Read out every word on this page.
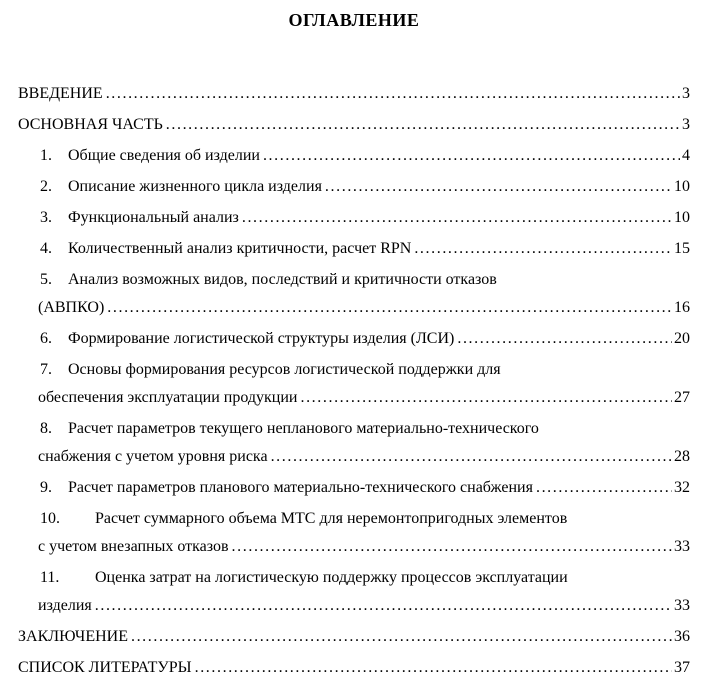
ОГЛАВЛЕНИЕ
ВВЕДЕНИЕ .....	3
ОСНОВНАЯ ЧАСТЬ .....	3
1.	Общие сведения об изделии .....	4
2.	Описание жизненного цикла изделия .....	10
3.	Функциональный анализ .....	10
4.	Количественный анализ критичности, расчет RPN .....	15
5.	Анализ возможных видов, последствий и критичности отказов
(АВПКО) .....	16
6.	Формирование логистической структуры изделия (ЛСИ) .....	20
7.	Основы формирования ресурсов логистической поддержки для
обеспечения эксплуатации продукции .....	27
8.	Расчет параметров текущего непланового материально-технического
снабжения с учетом уровня риска .....	28
9.	Расчет параметров планового материально-технического снабжения .....	32
10.	Расчет суммарного объема МТС для неремонтопригодных элементов
с учетом внезапных отказов .....	33
11.	Оценка затрат на логистическую поддержку процессов эксплуатации
изделия .....	33
ЗАКЛЮЧЕНИЕ .....	36
СПИСОК ЛИТЕРАТУРЫ .....	37
